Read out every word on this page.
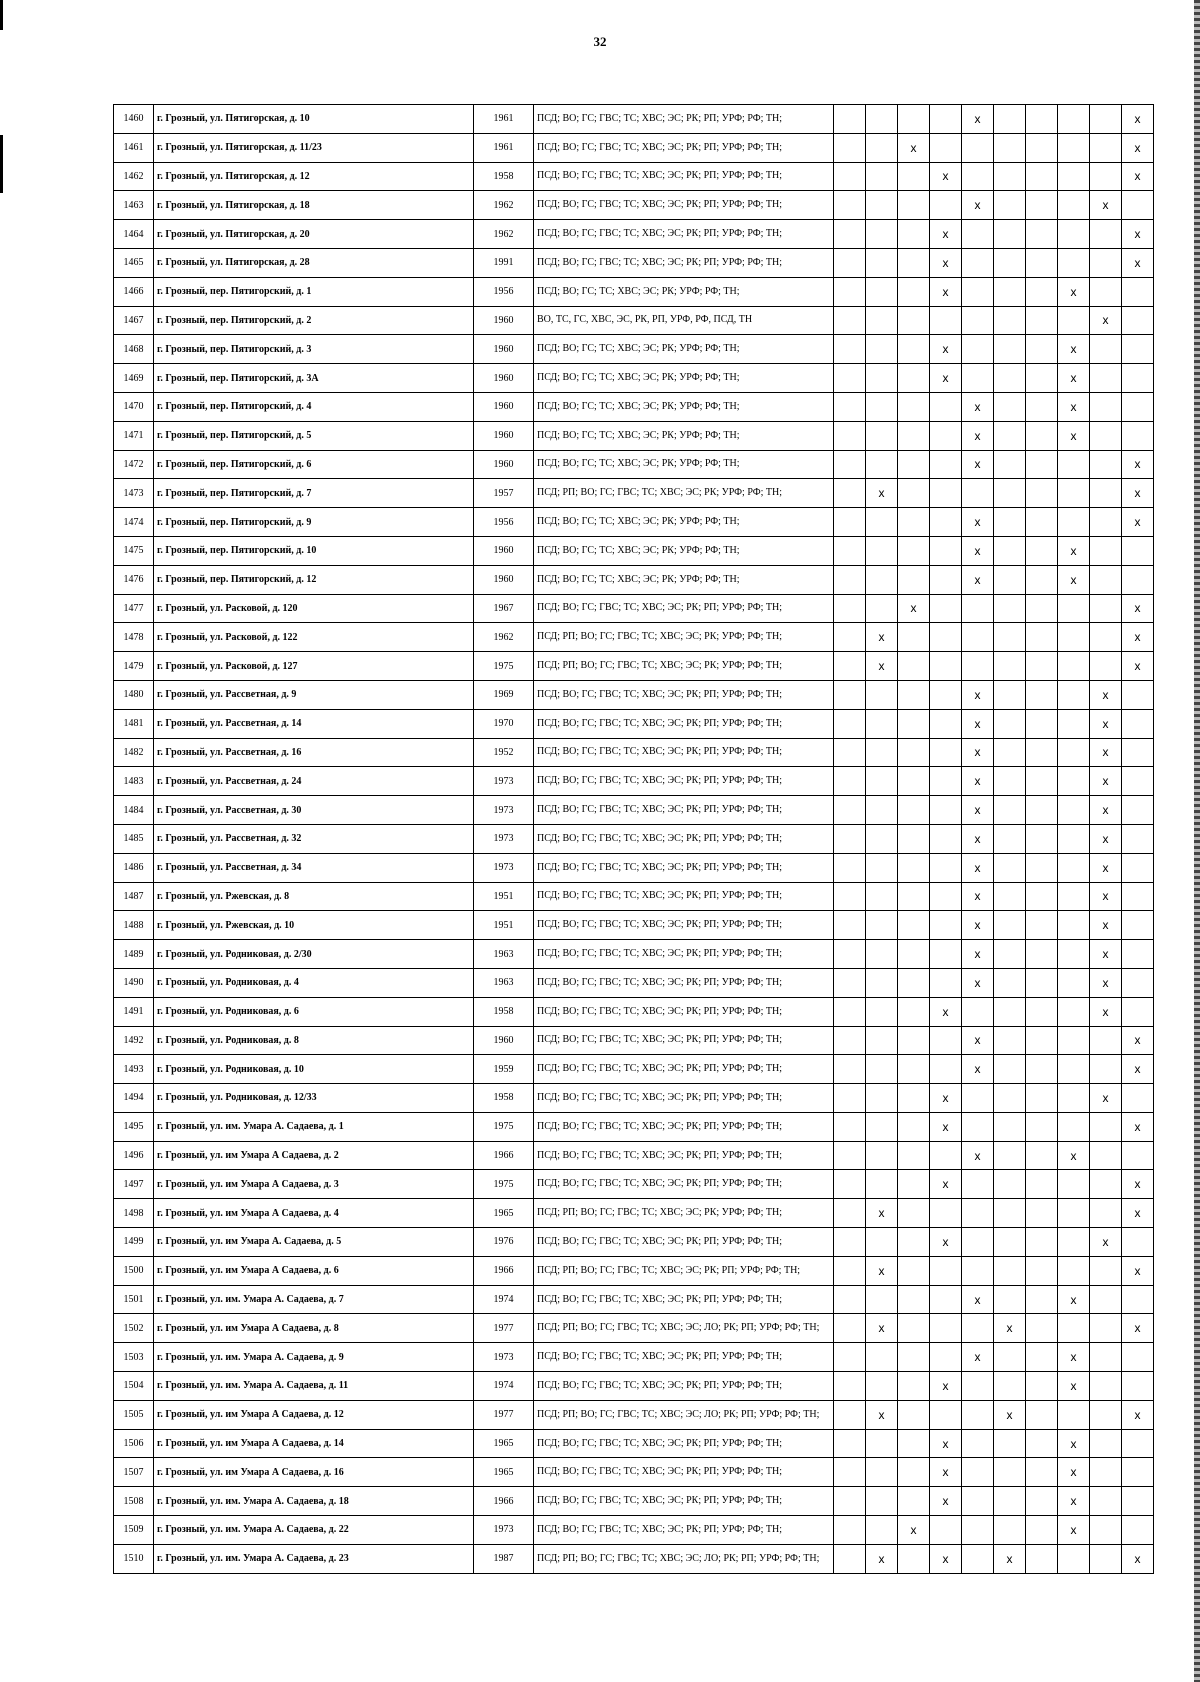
32
1460	г. Грозный, ул. Пятигорская, д. 10	1961	ПСД; ВО; ГС; ГВС; ТС; ХВС; ЭС; РК; РП; УРФ; РФ; ТН;					x					x
1461	г. Грозный, ул. Пятигорская, д. 11/23	1961	ПСД; ВО; ГС; ГВС; ТС; ХВС; ЭС; РК; РП; УРФ; РФ; ТН;			x							x
1462	г. Грозный, ул. Пятигорская, д. 12	1958	ПСД; ВО; ГС; ГВС; ТС; ХВС; ЭС; РК; РП; УРФ; РФ; ТН;				x						x
1463	г. Грозный, ул. Пятигорская, д. 18	1962	ПСД; ВО; ГС; ГВС; ТС; ХВС; ЭС; РК; РП; УРФ; РФ; ТН;					x				x	
1464	г. Грозный, ул. Пятигорская, д. 20	1962	ПСД; ВО; ГС; ГВС; ТС; ХВС; ЭС; РК; РП; УРФ; РФ; ТН;				x						x
1465	г. Грозный, ул. Пятигорская, д. 28	1991	ПСД; ВО; ГС; ГВС; ТС; ХВС; ЭС; РК; РП; УРФ; РФ; ТН;				x						x
1466	г. Грозный, пер. Пятигорский, д. 1	1956	ПСД; ВО; ГС; ТС; ХВС; ЭС; РК; УРФ; РФ; ТН;				x				x		
1467	г. Грозный, пер. Пятигорский, д. 2	1960	ВО, ТС, ГС, ХВС, ЭС, РК, РП, УРФ, РФ, ПСД, ТН									x	
1468	г. Грозный, пер. Пятигорский, д. 3	1960	ПСД; ВО; ГС; ТС; ХВС; ЭС; РК; УРФ; РФ; ТН;				x				x		
1469	г. Грозный, пер. Пятигорский, д. 3А	1960	ПСД; ВО; ГС; ТС; ХВС; ЭС; РК; УРФ; РФ; ТН;				x				x		
1470	г. Грозный, пер. Пятигорский, д. 4	1960	ПСД; ВО; ГС; ТС; ХВС; ЭС; РК; УРФ; РФ; ТН;					x			x		
1471	г. Грозный, пер. Пятигорский, д. 5	1960	ПСД; ВО; ГС; ТС; ХВС; ЭС; РК; УРФ; РФ; ТН;					x			x		
1472	г. Грозный, пер. Пятигорский, д. 6	1960	ПСД; ВО; ГС; ТС; ХВС; ЭС; РК; УРФ; РФ; ТН;					x					x
1473	г. Грозный, пер. Пятигорский, д. 7	1957	ПСД; РП; ВО; ГС; ГВС; ТС; ХВС; ЭС; РК; УРФ; РФ; ТН;		x								x
1474	г. Грозный, пер. Пятигорский, д. 9	1956	ПСД; ВО; ГС; ТС; ХВС; ЭС; РК; УРФ; РФ; ТН;					x					x
1475	г. Грозный, пер. Пятигорский, д. 10	1960	ПСД; ВО; ГС; ТС; ХВС; ЭС; РК; УРФ; РФ; ТН;					x			x		
1476	г. Грозный, пер. Пятигорский, д. 12	1960	ПСД; ВО; ГС; ТС; ХВС; ЭС; РК; УРФ; РФ; ТН;					x			x		
1477	г. Грозный, ул. Расковой, д. 120	1967	ПСД; ВО; ГС; ГВС; ТС; ХВС; ЭС; РК; РП; УРФ; РФ; ТН;			x							x
1478	г. Грозный, ул. Расковой, д. 122	1962	ПСД; РП; ВО; ГС; ГВС; ТС; ХВС; ЭС; РК; УРФ; РФ; ТН;		x								x
1479	г. Грозный, ул. Расковой, д. 127	1975	ПСД; РП; ВО; ГС; ГВС; ТС; ХВС; ЭС; РК; УРФ; РФ; ТН;		x								x
1480	г. Грозный, ул. Рассветная, д. 9	1969	ПСД; ВО; ГС; ГВС; ТС; ХВС; ЭС; РК; РП; УРФ; РФ; ТН;					x				x	
1481	г. Грозный, ул. Рассветная, д. 14	1970	ПСД; ВО; ГС; ГВС; ТС; ХВС; ЭС; РК; РП; УРФ; РФ; ТН;					x				x	
1482	г. Грозный, ул. Рассветная, д. 16	1952	ПСД; ВО; ГС; ГВС; ТС; ХВС; ЭС; РК; РП; УРФ; РФ; ТН;					x				x	
1483	г. Грозный, ул. Рассветная, д. 24	1973	ПСД; ВО; ГС; ГВС; ТС; ХВС; ЭС; РК; РП; УРФ; РФ; ТН;					x				x	
1484	г. Грозный, ул. Рассветная, д. 30	1973	ПСД; ВО; ГС; ГВС; ТС; ХВС; ЭС; РК; РП; УРФ; РФ; ТН;					x				x	
1485	г. Грозный, ул. Рассветная, д. 32	1973	ПСД; ВО; ГС; ГВС; ТС; ХВС; ЭС; РК; РП; УРФ; РФ; ТН;					x				x	
1486	г. Грозный, ул. Рассветная, д. 34	1973	ПСД; ВО; ГС; ГВС; ТС; ХВС; ЭС; РК; РП; УРФ; РФ; ТН;					x				x	
1487	г. Грозный, ул. Ржевская, д. 8	1951	ПСД; ВО; ГС; ГВС; ТС; ХВС; ЭС; РК; РП; УРФ; РФ; ТН;					x				x	
1488	г. Грозный, ул. Ржевская, д. 10	1951	ПСД; ВО; ГС; ГВС; ТС; ХВС; ЭС; РК; РП; УРФ; РФ; ТН;					x				x	
1489	г. Грозный, ул. Родниковая, д. 2/30	1963	ПСД; ВО; ГС; ГВС; ТС; ХВС; ЭС; РК; РП; УРФ; РФ; ТН;					x				x	
1490	г. Грозный, ул. Родниковая, д. 4	1963	ПСД; ВО; ГС; ГВС; ТС; ХВС; ЭС; РК; РП; УРФ; РФ; ТН;					x				x	
1491	г. Грозный, ул. Родниковая, д. 6	1958	ПСД; ВО; ГС; ГВС; ТС; ХВС; ЭС; РК; РП; УРФ; РФ; ТН;				x					x	
1492	г. Грозный, ул. Родниковая, д. 8	1960	ПСД; ВО; ГС; ГВС; ТС; ХВС; ЭС; РК; РП; УРФ; РФ; ТН;					x					x
1493	г. Грозный, ул. Родниковая, д. 10	1959	ПСД; ВО; ГС; ГВС; ТС; ХВС; ЭС; РК; РП; УРФ; РФ; ТН;					x					x
1494	г. Грозный, ул. Родниковая, д. 12/33	1958	ПСД; ВО; ГС; ГВС; ТС; ХВС; ЭС; РК; РП; УРФ; РФ; ТН;				x					x	
1495	г. Грозный, ул. им. Умара А. Садаева, д. 1	1975	ПСД; ВО; ГС; ГВС; ТС; ХВС; ЭС; РК; РП; УРФ; РФ; ТН;				x						x
1496	г. Грозный, ул. им Умара А Садаева, д. 2	1966	ПСД; ВО; ГС; ГВС; ТС; ХВС; ЭС; РК; РП; УРФ; РФ; ТН;					x			x		
1497	г. Грозный, ул. им Умара А Садаева, д. 3	1975	ПСД; ВО; ГС; ГВС; ТС; ХВС; ЭС; РК; РП; УРФ; РФ; ТН;				x						x
1498	г. Грозный, ул. им Умара А Садаева, д. 4	1965	ПСД; РП; ВО; ГС; ГВС; ТС; ХВС; ЭС; РК; УРФ; РФ; ТН;		x								x
1499	г. Грозный, ул. им Умара А. Садаева, д. 5	1976	ПСД; ВО; ГС; ГВС; ТС; ХВС; ЭС; РК; РП; УРФ; РФ; ТН;				x					x	
1500	г. Грозный, ул. им Умара А Садаева, д. 6	1966	ПСД; РП; ВО; ГС; ГВС; ТС; ХВС; ЭС; РК; РП; УРФ; РФ; ТН;		x								x
1501	г. Грозный, ул. им. Умара А. Садаева, д. 7	1974	ПСД; ВО; ГС; ГВС; ТС; ХВС; ЭС; РК; РП; УРФ; РФ; ТН;					x			x		
1502	г. Грозный, ул. им Умара А Садаева, д. 8	1977	ПСД; РП; ВО; ГС; ГВС; ТС; ХВС; ЭС; ЛО; РК; РП; УРФ; РФ; ТН;		x				x				x
1503	г. Грозный, ул. им. Умара А. Садаева, д. 9	1973	ПСД; ВО; ГС; ГВС; ТС; ХВС; ЭС; РК; РП; УРФ; РФ; ТН;					x			x		
1504	г. Грозный, ул. им. Умара А. Садаева, д. 11	1974	ПСД; ВО; ГС; ГВС; ТС; ХВС; ЭС; РК; РП; УРФ; РФ; ТН;				x				x		
1505	г. Грозный, ул. им Умара А Садаева, д. 12	1977	ПСД; РП; ВО; ГС; ГВС; ТС; ХВС; ЭС; ЛО; РК; РП; УРФ; РФ; ТН;		x				x				x
1506	г. Грозный, ул. им Умара А Садаева, д. 14	1965	ПСД; ВО; ГС; ГВС; ТС; ХВС; ЭС; РК; РП; УРФ; РФ; ТН;				x				x		
1507	г. Грозный, ул. им Умара А Садаева, д. 16	1965	ПСД; ВО; ГС; ГВС; ТС; ХВС; ЭС; РК; РП; УРФ; РФ; ТН;				x				x		
1508	г. Грозный, ул. им. Умара А. Садаева, д. 18	1966	ПСД; ВО; ГС; ГВС; ТС; ХВС; ЭС; РК; РП; УРФ; РФ; ТН;				x				x		
1509	г. Грозный, ул. им. Умара А. Садаева, д. 22	1973	ПСД; ВО; ГС; ГВС; ТС; ХВС; ЭС; РК; РП; УРФ; РФ; ТН;			x					x		
1510	г. Грозный, ул. им. Умара А. Садаева, д. 23	1987	ПСД; РП; ВО; ГС; ГВС; ТС; ХВС; ЭС; ЛО; РК; РП; УРФ; РФ; ТН;		x		x		x				x
